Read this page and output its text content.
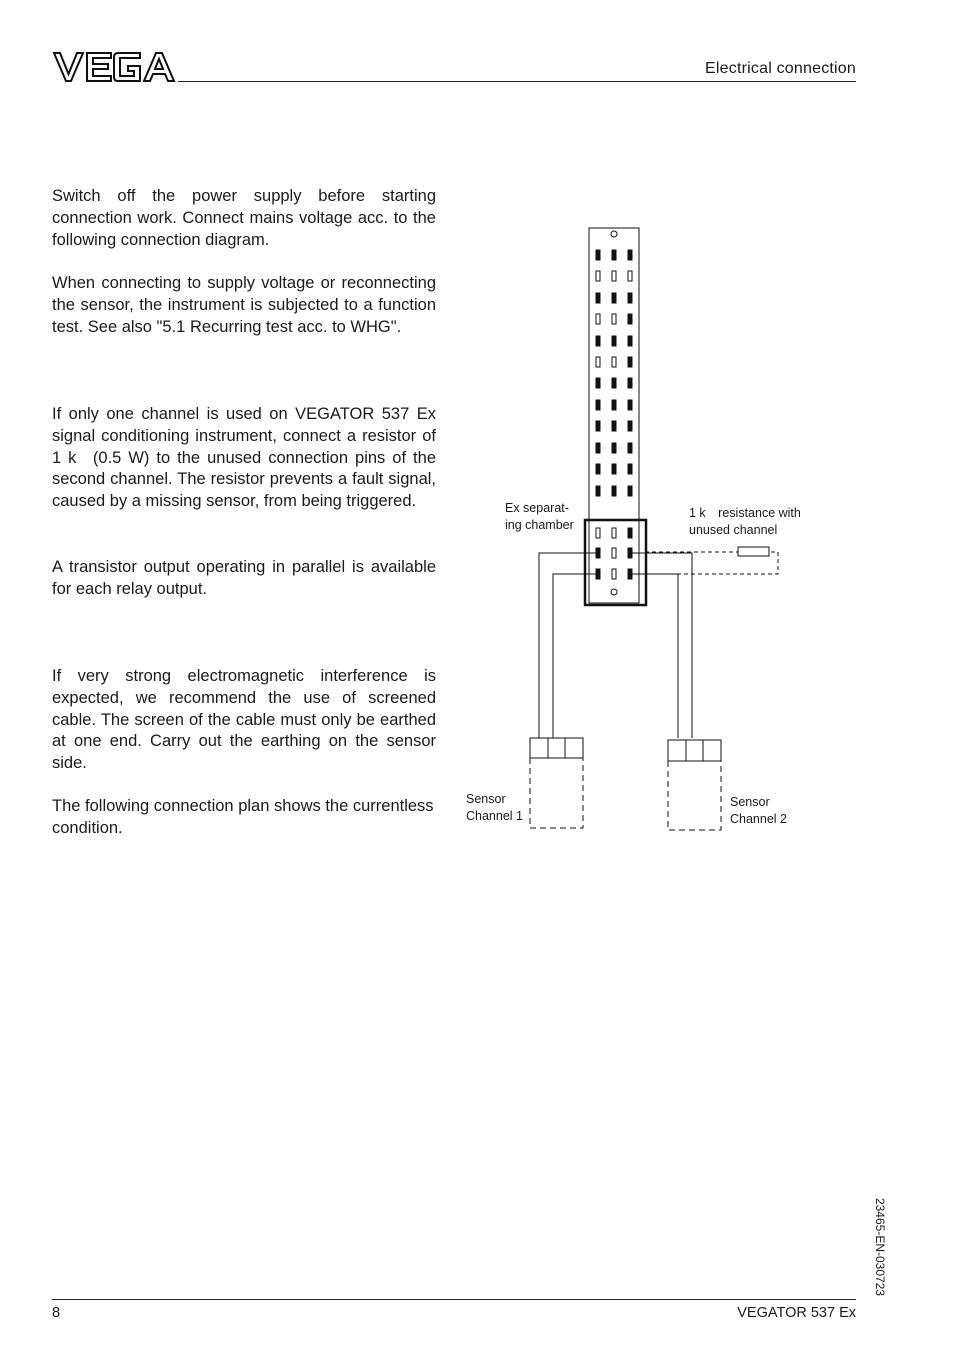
Electrical connection

Switch off the power supply before starting connection work. Connect mains voltage acc. to the following connection diagram.

When connecting to supply voltage or reconnecting the sensor, the instrument is subjected to a function test. See also "5.1 Recurring test acc. to WHG".

If only one channel is used on VEGATOR 537 Ex signal conditioning instrument, connect a resistor of 1 k  (0.5 W) to the unused connection pins of the second channel. The resistor prevents a fault signal, caused by a missing sensor, from being triggered.

A transistor output operating in parallel is available for each relay output.

If very strong electromagnetic interference is expected, we recommend the use of screened cable. The screen of the cable must only be earthed at one end. Carry out the earthing on the sensor side.

The following connection plan shows the currentless condition.

Ex separat-
ing chamber
1 k  resistance with
unused channel
Sensor
Channel 1
Sensor
Channel 2
8	VEGATOR 537 Ex
23465-EN-030723
